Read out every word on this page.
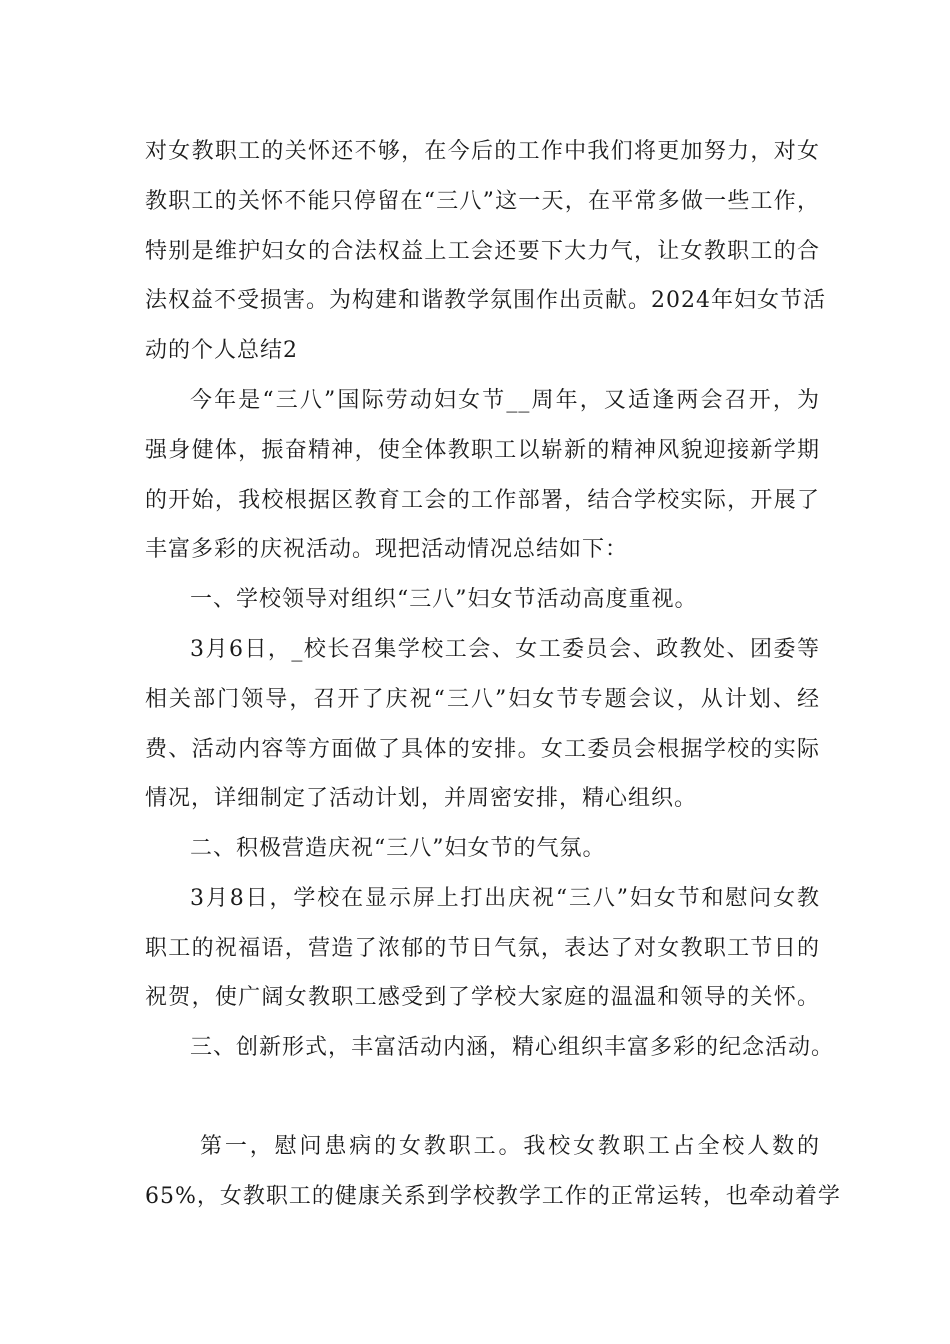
对女教职工的关怀还不够，在今后的工作中我们将更加努力，对女
教职工的关怀不能只停留在“三八”这一天，在平常多做一些工作，
特别是维护妇女的合法权益上工会还要下大力气，让女教职工的合
法权益不受损害。为构建和谐教学氛围作出贡献。2024年妇女节活
动的个人总结2
今年是“三八”国际劳动妇女节__周年，又适逢两会召开，为
强身健体，振奋精神，使全体教职工以崭新的精神风貌迎接新学期
的开始，我校根据区教育工会的工作部署，结合学校实际，开展了
丰富多彩的庆祝活动。现把活动情况总结如下：
一、学校领导对组织“三八”妇女节活动高度重视。
3月6日，_校长召集学校工会、女工委员会、政教处、团委等
相关部门领导，召开了庆祝“三八”妇女节专题会议，从计划、经
费、活动内容等方面做了具体的安排。女工委员会根据学校的实际
情况，详细制定了活动计划，并周密安排，精心组织。
二、积极营造庆祝“三八”妇女节的气氛。
3月8日，学校在显示屏上打出庆祝“三八”妇女节和慰问女教
职工的祝福语，营造了浓郁的节日气氛，表达了对女教职工节日的
祝贺，使广阔女教职工感受到了学校大家庭的温温和领导的关怀。
三、创新形式，丰富活动内涵，精心组织丰富多彩的纪念活动。
第一，慰问患病的女教职工。我校女教职工占全校人数的
65%，女教职工的健康关系到学校教学工作的正常运转，也牵动着学
